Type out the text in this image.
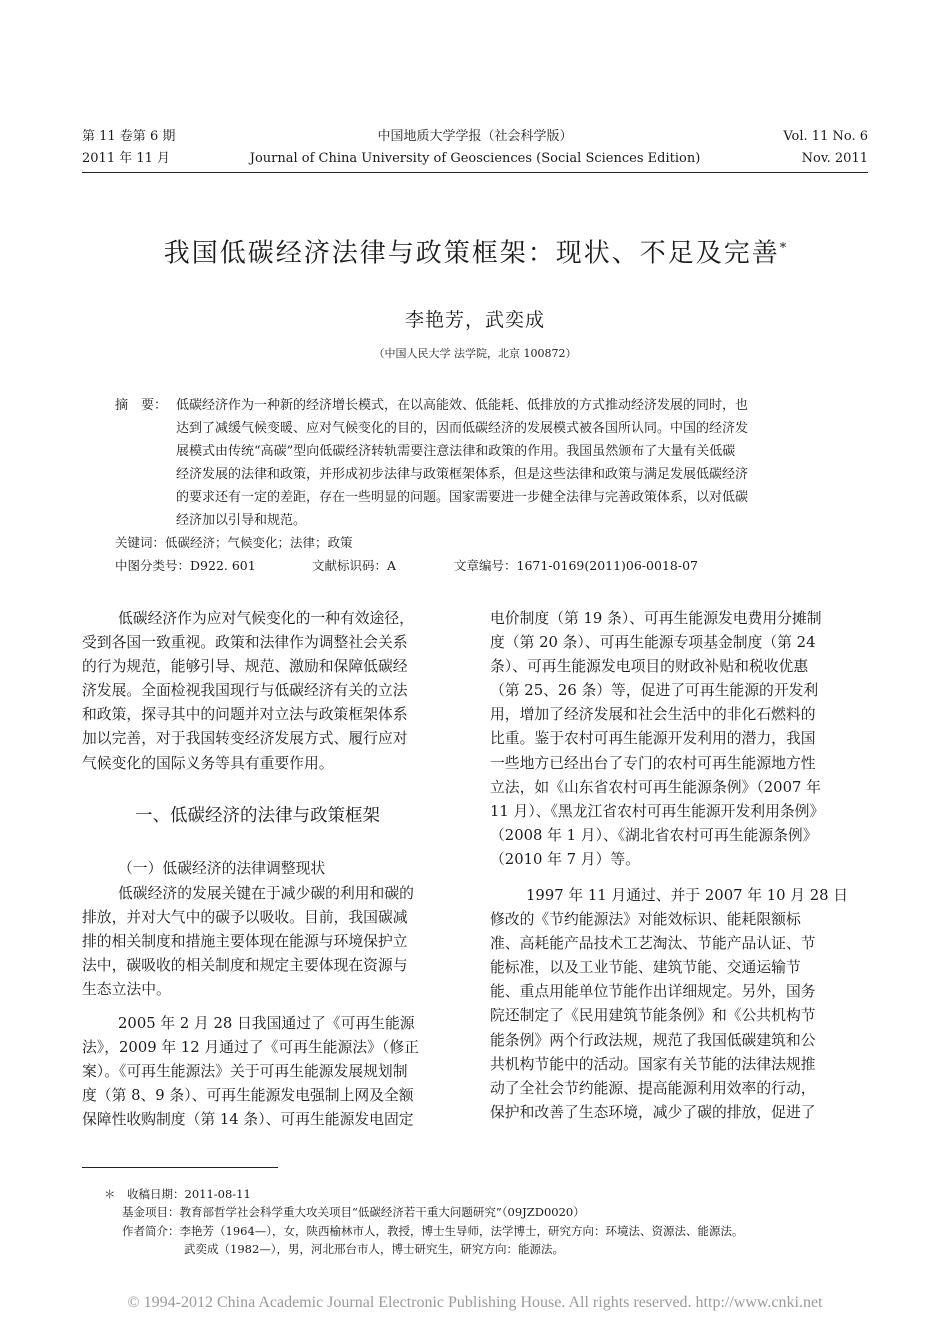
第 11 卷第 6 期	中国地质大学学报（社会科学版）	Vol. 11 No. 6
2011 年 11 月	Journal of China University of Geosciences (Social Sciences Edition)	Nov. 2011
我国低碳经济法律与政策框架：现状、不足及完善*
李艳芳，武奕成
（中国人民大学 法学院，北京 100872）
摘　要： 低碳经济作为一种新的经济增长模式，在以高能效、低能耗、低排放的方式推动经济发展的同时，也
达到了减缓气候变暖、应对气候变化的目的，因而低碳经济的发展模式被各国所认同。中国的经济发
展模式由传统“高碳”型向低碳经济转轨需要注意法律和政策的作用。我国虽然颁布了大量有关低碳
经济发展的法律和政策，并形成初步法律与政策框架体系，但是这些法律和政策与满足发展低碳经济
的要求还有一定的差距，存在一些明显的问题。国家需要进一步健全法律与完善政策体系，以对低碳
经济加以引导和规范。
关键词：低碳经济；气候变化；法律；政策
中图分类号：D922. 601	文献标识码：A	文章编号：1671-0169(2011)06-0018-07
低碳经济作为应对气候变化的一种有效途径，
受到各国一致重视。政策和法律作为调整社会关系
的行为规范，能够引导、规范、激励和保障低碳经
济发展。全面检视我国现行与低碳经济有关的立法
和政策，探寻其中的问题并对立法与政策框架体系
加以完善，对于我国转变经济发展方式、履行应对
气候变化的国际义务等具有重要作用。
一、低碳经济的法律与政策框架
（一）低碳经济的法律调整现状
低碳经济的发展关键在于减少碳的利用和碳的
排放，并对大气中的碳予以吸收。目前，我国碳减
排的相关制度和措施主要体现在能源与环境保护立
法中，碳吸收的相关制度和规定主要体现在资源与
生态立法中。
2005 年 2 月 28 日我国通过了《可再生能源
法》，2009 年 12 月通过了《可再生能源法》（修正
案）。《可再生能源法》关于可再生能源发展规划制
度（第 8、9 条）、可再生能源发电强制上网及全额
保障性收购制度（第 14 条）、可再生能源发电固定
电价制度（第 19 条）、可再生能源发电费用分摊制
度（第 20 条）、可再生能源专项基金制度（第 24
条）、可再生能源发电项目的财政补贴和税收优惠
（第 25、26 条）等，促进了可再生能源的开发利
用，增加了经济发展和社会生活中的非化石燃料的
比重。鉴于农村可再生能源开发利用的潜力，我国
一些地方已经出台了专门的农村可再生能源地方性
立法，如《山东省农村可再生能源条例》（2007 年
11 月）、《黑龙江省农村可再生能源开发利用条例》
（2008 年 1 月）、《湖北省农村可再生能源条例》
（2010 年 7 月）等。
1997 年 11 月通过、并于 2007 年 10 月 28 日
修改的《节约能源法》对能效标识、能耗限额标
准、高耗能产品技术工艺淘汰、节能产品认证、节
能标准，以及工业节能、建筑节能、交通运输节
能、重点用能单位节能作出详细规定。另外，国务
院还制定了《民用建筑节能条例》和《公共机构节
能条例》两个行政法规，规范了我国低碳建筑和公
共机构节能中的活动。国家有关节能的法律法规推
动了全社会节约能源、提高能源利用效率的行动，
保护和改善了生态环境，减少了碳的排放，促进了
＊　收稿日期：2011-08-11
基金项目：教育部哲学社会科学重大攻关项目“低碳经济若干重大问题研究”（09JZD0020）
作者简介：李艳芳（1964—），女，陕西榆林市人，教授，博士生导师，法学博士，研究方向：环境法、资源法、能源法。
武奕成（1982—），男，河北邢台市人，博士研究生，研究方向：能源法。
© 1994-2012 China Academic Journal Electronic Publishing House. All rights reserved. http://www.cnki.net
